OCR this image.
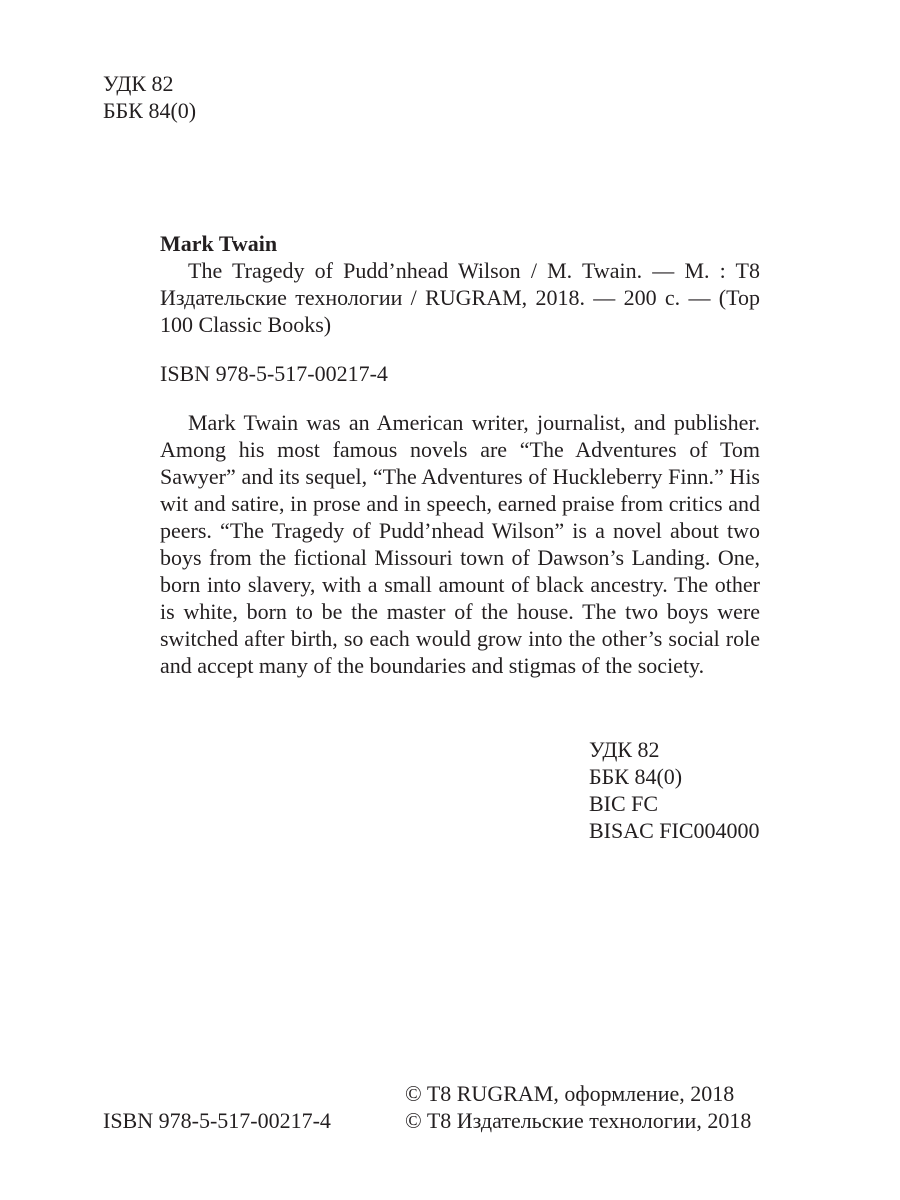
УДК 82
ББК 84(0)
Mark Twain

The Tragedy of Pudd’nhead Wilson / M. Twain. — M. : T8 Издательские технологии / RUGRAM, 2018. — 200 с. — (Top 100 Classic Books)

ISBN 978-5-517-00217-4

Mark Twain was an American writer, journalist, and publisher. Among his most famous novels are “The Adventures of Tom Sawyer” and its sequel, “The Adventures of Huckleberry Finn.” His wit and satire, in prose and in speech, earned praise from critics and peers. “The Tragedy of Pudd’nhead Wilson” is a novel about two boys from the fictional Missouri town of Dawson’s Landing. One, born into slavery, with a small amount of black ancestry. The other is white, born to be the master of the house. The two boys were switched after birth, so each would grow into the other’s social role and accept many of the boundaries and stigmas of the society.

УДК 82
ББК 84(0)
BIC FC
BISAC FIC004000
ISBN 978-5-517-00217-4
© T8 RUGRAM, оформление, 2018
© T8 Издательские технологии, 2018
